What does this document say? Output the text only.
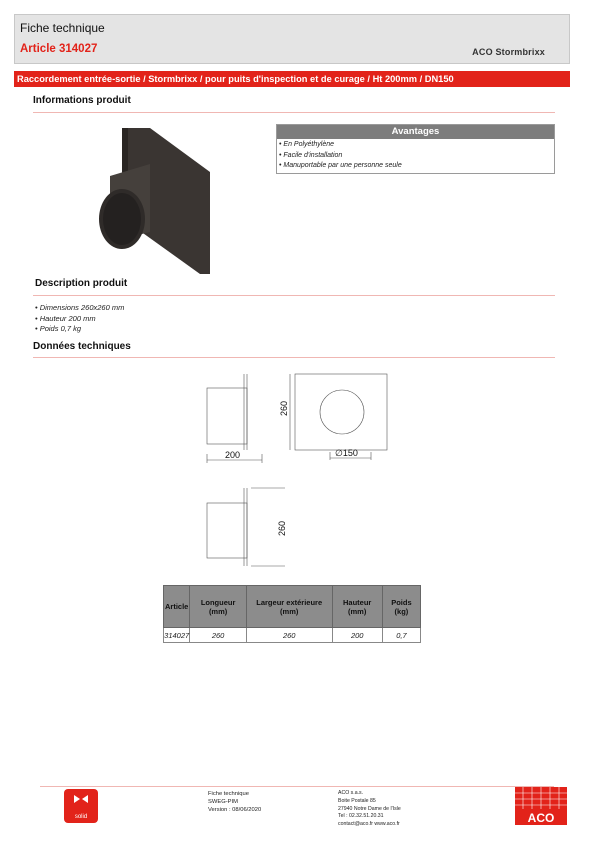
Fiche technique
Article 314027	ACO Stormbrixx
Raccordement entrée-sortie / Stormbrixx / pour puits d'inspection et de curage / Ht 200mm / DN150
Informations produit
Avantages
• En Polyéthylène
• Facile d'installation
• Manuportable par une personne seule
Description produit
• Dimensions 260x260 mm
• Hauteur 200 mm
• Poids 0,7 kg
Données techniques
200
260
∅150
260
Article	Longueur (mm)	Largeur extérieure (mm)	Hauteur (mm)	Poids (kg)
314027	260	260	200	0,7
solid
Fiche technique
SWEG-PIM
Version : 08/06/2020
ACO s.a.s.
Boite Postale 85
27940 Notre Dame de l'Isle
Tel : 02.32.51.20.31
contact@aco.fr www.aco.fr	ACO
